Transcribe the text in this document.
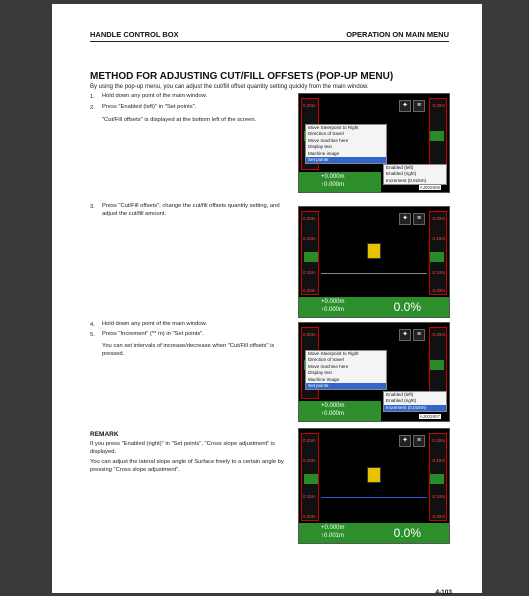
HANDLE CONTROL BOX	OPERATION ON MAIN MENU
METHOD FOR ADJUSTING CUT/FILL OFFSETS (POP-UP MENU)
By using the pop-up menu, you can adjust the cut/fill offset quantity setting quickly from the main window.
1. Hold down any point of the main window.
2. Press "Enabled (left)" in "Set points".
"Cut/Fill offsets" is displayed at the bottom left of the screen.
3. Press "Cut/Fill offsets", change the cut/fill offsets quantity setting, and adjust the cut/fill amount.
4. Hold down any point of the main window.
5. Press "Increment" (** m) in "Set points".
You can set intervals of increase/decrease when "Cut/Fill offsets" is pressed.
REMARK
If you press "Enabled (right)" in "Set points", "Cross slope adjustment" is displayed.
You can adjust the lateral slope angle of Surface freely to a certain angle by pressing "Cross slope adjustment".
0.20m	0.20m
✦	≡
Move Steerpoint to Right
Direction of travel
Move machine here
Display text
Machine image
Set points
Enabled (left)
Enabled (right)
Increment (0.015m)
+0.000m
↑0.000m	AJ002805
0.20m
0.10m
0.10m
0.20m
0.20m
0.10m
0.10m
0.20m
✦	≡
+0.000m
↑0.000m	0.0%
0.20m	0.20m
✦	≡
Move Steerpoint to Right
Direction of travel
Move machine here
Display text
Machine image
Set points
Enabled (left)
Enabled (right)
Increment (0.015m)
+0.000m
↑0.000m	AJ002807
0.20m
0.10m
0.10m
0.20m
0.20m
0.10m
0.10m
0.20m
✦	≡
+0.000m
↑0.001m	0.0%
4-103
